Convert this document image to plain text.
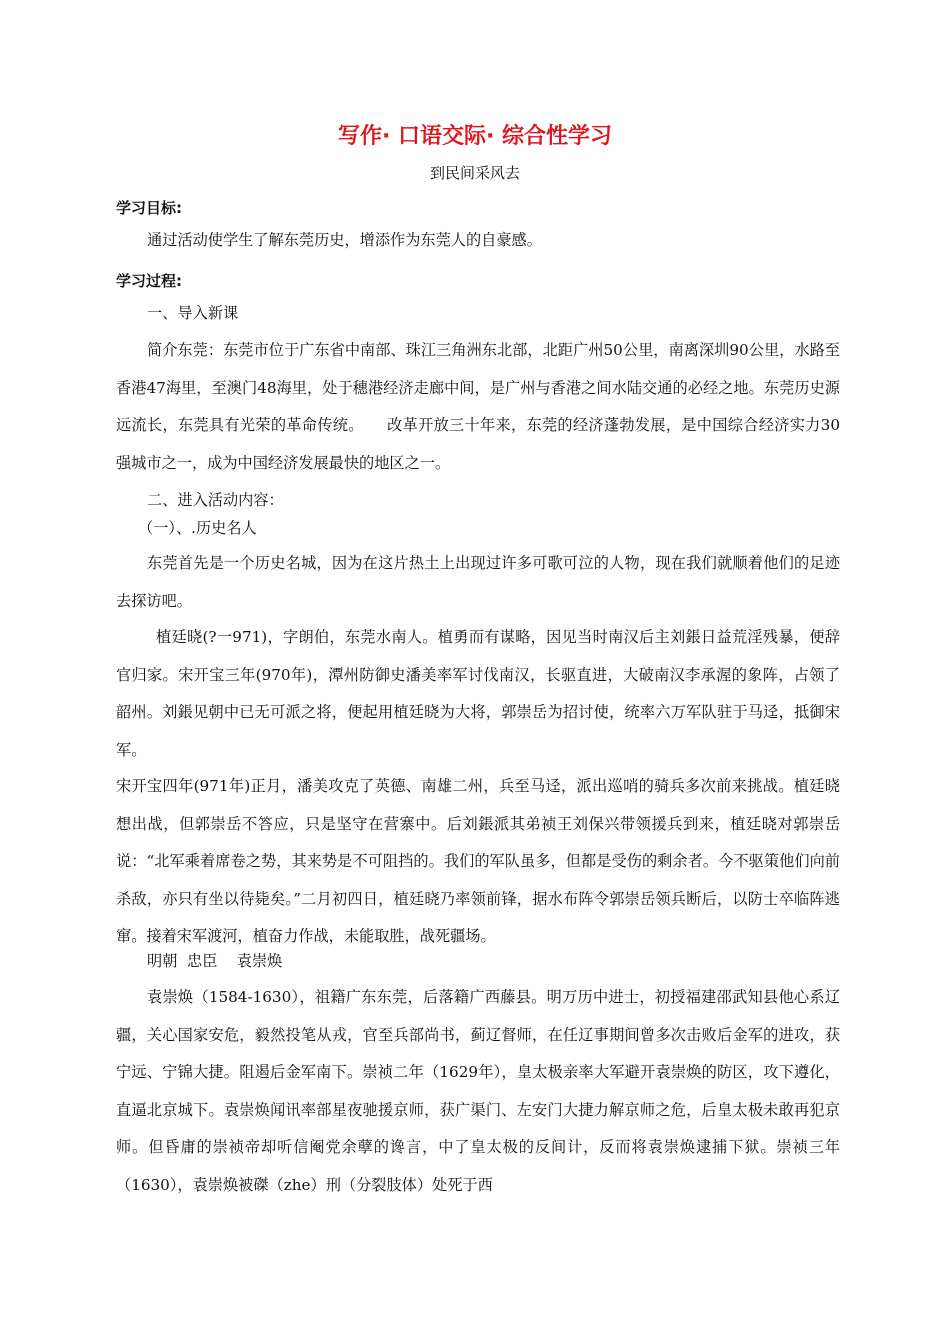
写作· 口语交际· 综合性学习
到民间采风去
学习目标:

通过活动使学生了解东莞历史，增添作为东莞人的自豪感。

学习过程:

一、导入新课

简介东莞：东莞市位于广东省中南部、珠江三角洲东北部，北距广州50公里，南离深圳90公里，水路至香港47海里，至澳门48海里，处于穗港经济走廊中间，是广州与香港之间水陆交通的必经之地。东莞历史源远流长，东莞具有光荣的革命传统。　　改革开放三十年来，东莞的经济蓬勃发展，是中国综合经济实力30强城市之一，成为中国经济发展最快的地区之一。

二、进入活动内容：

（一）、.历史名人

东莞首先是一个历史名城，因为在这片热土上出现过许多可歌可泣的人物，现在我们就顺着他们的足迹去探访吧。

植廷晓(?一971)，字朗伯，东莞水南人。植勇而有谋略，因见当时南汉后主刘鋹日益荒淫残暴，便辞官归家。宋开宝三年(970年)，潭州防御史潘美率军讨伐南汉，长驱直进，大破南汉李承渥的象阵，占领了韶州。刘鋹见朝中已无可派之将，便起用植廷晓为大将，郭崇岳为招讨使，统率六万军队驻于马迳，抵御宋军。

宋开宝四年(971年)正月，潘美攻克了英德、南雄二州，兵至马迳，派出巡哨的骑兵多次前来挑战。植廷晓想出战，但郭崇岳不答应，只是坚守在营寨中。后刘鋹派其弟祯王刘保兴带领援兵到来，植廷晓对郭崇岳说：“北军乘着席卷之势，其来势是不可阻挡的。我们的军队虽多，但都是受伤的剩余者。今不驱策他们向前杀敌，亦只有坐以待毙矣。”二月初四日，植廷晓乃率领前锋，据水布阵令郭崇岳领兵断后，以防士卒临阵逃窜。接着宋军渡河，植奋力作战，未能取胜，战死疆场。

明朝  忠臣    袁崇焕

袁崇焕（1584-1630），祖籍广东东莞，后落籍广西藤县。明万历中进士，初授福建邵武知县他心系辽疆，关心国家安危，毅然投笔从戎，官至兵部尚书，蓟辽督师，在任辽事期间曾多次击败后金军的进攻，获宁远、宁锦大捷。阻遏后金军南下。崇祯二年（1629年），皇太极亲率大军避开袁崇焕的防区，攻下遵化，直逼北京城下。袁崇焕闻讯率部星夜驰援京师，获广渠门、左安门大捷力解京师之危，后皇太极未敢再犯京师。但昏庸的崇祯帝却听信阉党余孽的谗言，中了皇太极的反间计，反而将袁崇焕逮捕下狱。崇祯三年（1630），袁崇焕被磔（zhe）刑（分裂肢体）处死于西
